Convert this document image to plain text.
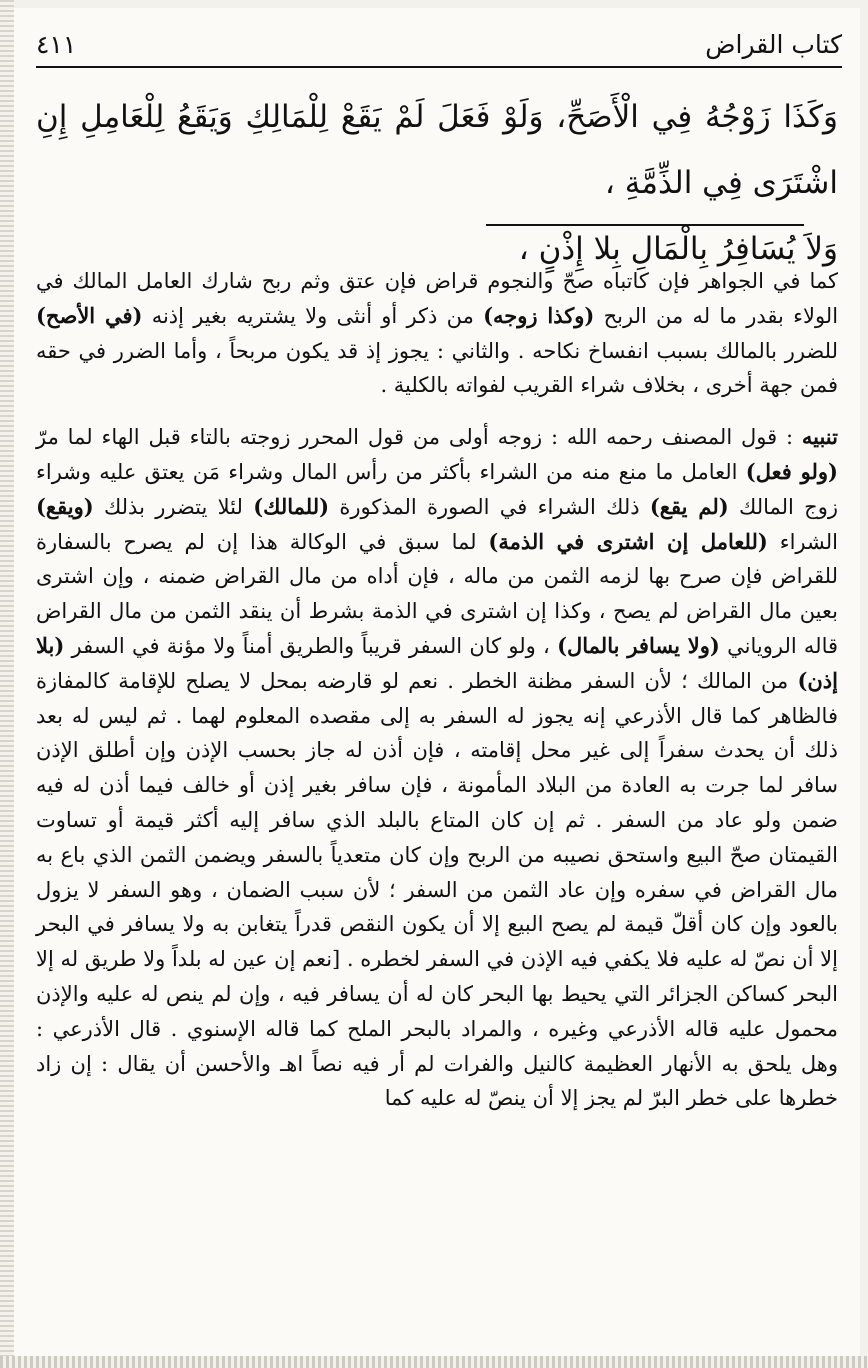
كتاب القراض
٤١١

وَكَذَا زَوْجُهُ فِي الْأَصَحِّ، وَلَوْ فَعَلَ لَمْ يَقَعْ لِلْمَالِكِ وَيَقَعُ لِلْعَامِلِ إِنِ اشْتَرَى فِي الذِّمَّةِ ،

وَلاَ يُسَافِرُ بِالْمَالِ بِلا إِذْنٍ ،

كما في الجواهر فإن كاتباه صحّ والنجوم قراض فإن عتق وثم ربح شارك العامل المالك في الولاء بقدر ما له من الربح (وكذا زوجه) من ذكر أو أنثى ولا يشتريه بغير إذنه (في الأصح) للضرر بالمالك بسبب انفساخ نكاحه . والثاني : يجوز إذ قد يكون مربحاً ، وأما الضرر في حقه فمن جهة أخرى ، بخلاف شراء القريب لفواته بالكلية .

تنبيه : قول المصنف رحمه الله : زوجه أولى من قول المحرر زوجته بالتاء قبل الهاء لما مرّ (ولو فعل) العامل ما منع منه من الشراء بأكثر من رأس المال وشراء مَن يعتق عليه وشراء زوج المالك (لم يقع) ذلك الشراء في الصورة المذكورة (للمالك) لئلا يتضرر بذلك (ويقع) الشراء (للعامل إن اشترى في الذمة) لما سبق في الوكالة هذا إن لم يصرح بالسفارة للقراض فإن صرح بها لزمه الثمن من ماله ، فإن أداه من مال القراض ضمنه ، وإن اشترى بعين مال القراض لم يصح ، وكذا إن اشترى في الذمة بشرط أن ينقد الثمن من مال القراض قاله الروياني (ولا يسافر بالمال) ، ولو كان السفر قريباً والطريق أمناً ولا مؤنة في السفر (بلا إذن) من المالك ؛ لأن السفر مظنة الخطر . نعم لو قارضه بمحل لا يصلح للإقامة كالمفازة فالظاهر كما قال الأذرعي إنه يجوز له السفر به إلى مقصده المعلوم لهما . ثم ليس له بعد ذلك أن يحدث سفراً إلى غير محل إقامته ، فإن أذن له جاز بحسب الإذن وإن أطلق الإذن سافر لما جرت به العادة من البلاد المأمونة ، فإن سافر بغير إذن أو خالف فيما أذن له فيه ضمن ولو عاد من السفر . ثم إن كان المتاع بالبلد الذي سافر إليه أكثر قيمة أو تساوت القيمتان صحّ البيع واستحق نصيبه من الربح وإن كان متعدياً بالسفر ويضمن الثمن الذي باع به مال القراض في سفره وإن عاد الثمن من السفر ؛ لأن سبب الضمان ، وهو السفر لا يزول بالعود وإن كان أقلّ قيمة لم يصح البيع إلا أن يكون النقص قدراً يتغابن به ولا يسافر في البحر إلا أن نصّ له عليه فلا يكفي فيه الإذن في السفر لخطره . [نعم إن عين له بلداً ولا طريق له إلا البحر كساكن الجزائر التي يحيط بها البحر كان له أن يسافر فيه ، وإن لم ينص له عليه والإذن محمول عليه قاله الأذرعي وغيره ، والمراد بالبحر الملح كما قاله الإسنوي . قال الأذرعي : وهل يلحق به الأنهار العظيمة كالنيل والفرات لم أر فيه نصاً اهـ والأحسن أن يقال : إن زاد خطرها على خطر البرّ لم يجز إلا أن ينصّ له عليه كما
